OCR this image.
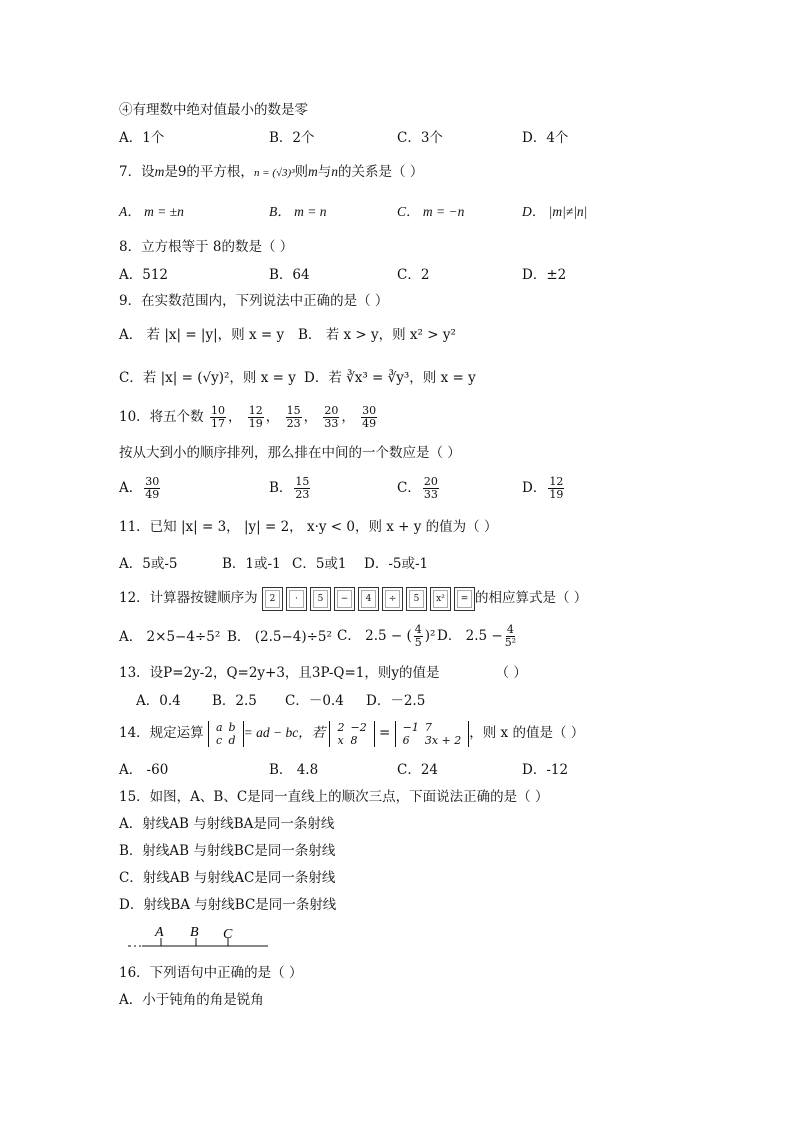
④有理数中绝对值最小的数是零
A．1个	B．2个	C．3个	D．4个
7．设m是9的平方根，n = (√3)³则m与n的关系是（ ）
A． m = ±n	B． m = n	C． m = −n	D． |m|≠|n|
8．立方根等于 8的数是（ ）
A．512	B．64	C．2	D．±2
9．在实数范围内，下列说法中正确的是（ ）
A． 若 |x| = |y|，则 x = y B． 若 x > y，则 x² > y²
C．若 |x| = (√y)²，则 x = y D．若 ∛x³ = ∛y³，则 x = y
10．将五个数 $\frac{10}{17}$ ， $\frac{12}{19}$ ， $\frac{15}{23}$ ， $\frac{20}{33}$ ， $\frac{30}{49}$
按从大到小的顺序排列，那么排在中间的一个数应是（ ）
A． $\frac{30}{49}$	B． $\frac{15}{23}$	C． $\frac{20}{33}$	D． $\frac{12}{19}$
11．已知 |x| = 3， |y| = 2， x·y < 0，则 x + y 的值为（ ）
A．5或-5	B．1或-1 C．5或1 D．-5或-1
12．计算器按键顺序为	2	·	5	−	4	÷	5	x²	= 的相应算式是（ ）
A． 2×5−4÷5² B． (2.5−4)÷5² C． 2.5 − ( $\frac{4}{5} )^2$ D． $2.5 - \frac{4}{\text{5²}}$
13．设P=2y-2，Q=2y+3，且3P-Q=1，则y的值是	（ ）
A．0.4 B．2.5 C．－0.4 D．－2.5
14．规定运算 a	b
c	d = ad − bc，若 2	−2
x	8 = −1	7
6	3x + 2 ，则 x 的值是（ ）
A． -60	B． 4.8	C．24	D．-12
15．如图，A、B、C是同一直线上的顺次三点，下面说法正确的是（ ）
A．射线AB 与射线BA是同一条射线
B．射线AB 与射线BC是同一条射线
C．射线AB 与射线AC是同一条射线
D．射线BA 与射线BC是同一条射线
A B C
16．下列语句中正确的是（ ）
A．小于钝角的角是锐角
